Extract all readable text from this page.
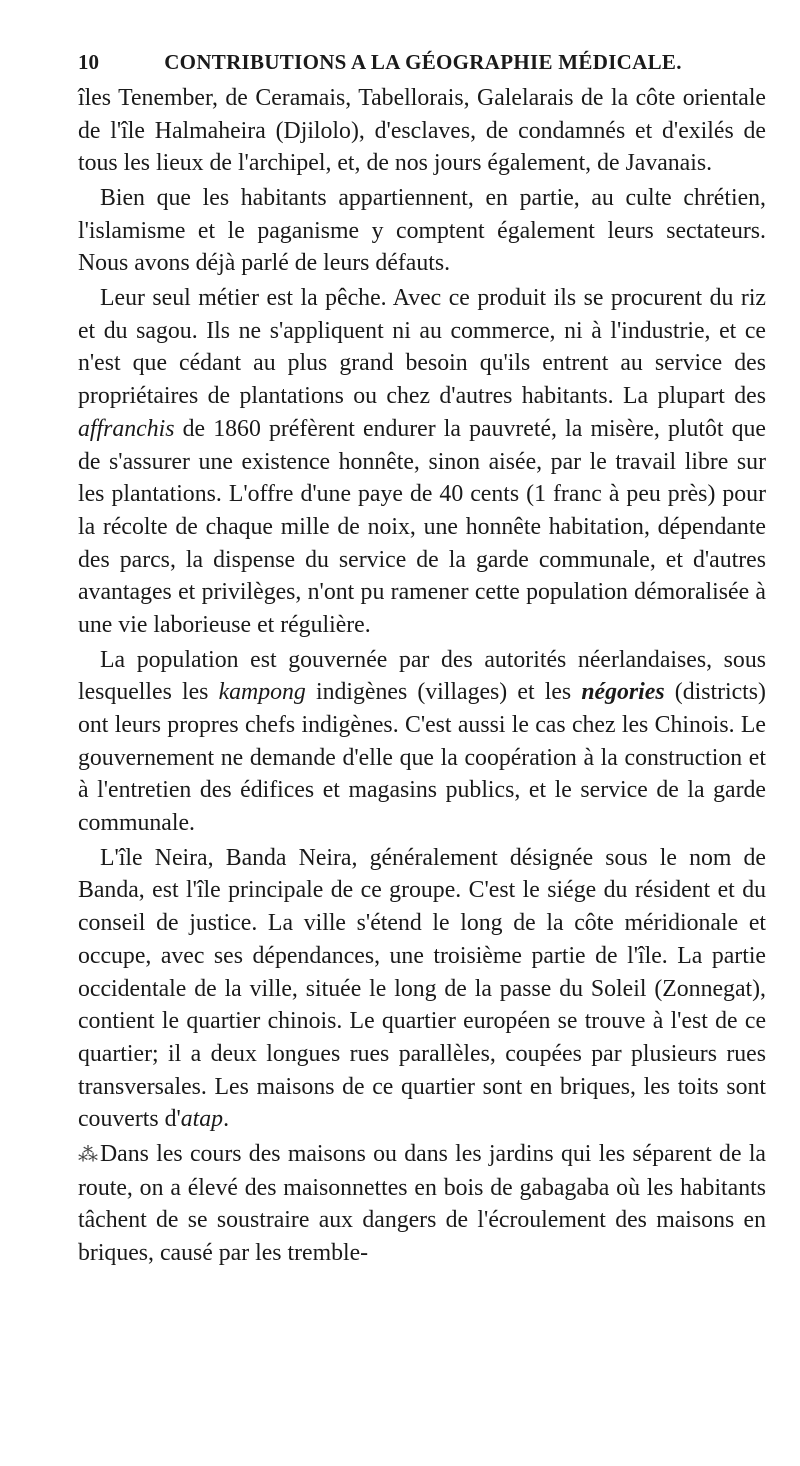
10	CONTRIBUTIONS A LA GÉOGRAPHIE MÉDICALE.

îles Tenember, de Ceramais, Tabellorais, Galelarais de la côte orientale de l'île Halmaheira (Djilolo), d'esclaves, de condamnés et d'exilés de tous les lieux de l'archipel, et, de nos jours également, de Javanais.

Bien que les habitants appartiennent, en partie, au culte chrétien, l'islamisme et le paganisme y comptent également leurs sectateurs. Nous avons déjà parlé de leurs défauts.

Leur seul métier est la pêche. Avec ce produit ils se procurent du riz et du sagou. Ils ne s'appliquent ni au commerce, ni à l'industrie, et ce n'est que cédant au plus grand besoin qu'ils entrent au service des propriétaires de plantations ou chez d'autres habitants. La plupart des affranchis de 1860 préfèrent endurer la pauvreté, la misère, plutôt que de s'assurer une existence honnête, sinon aisée, par le travail libre sur les plantations. L'offre d'une paye de 40 cents (1 franc à peu près) pour la récolte de chaque mille de noix, une honnête habitation, dépendante des parcs, la dispense du service de la garde communale, et d'autres avantages et privilèges, n'ont pu ramener cette population démoralisée à une vie laborieuse et régulière.

La population est gouvernée par des autorités néerlandaises, sous lesquelles les kampong indigènes (villages) et les négories (districts) ont leurs propres chefs indigènes. C'est aussi le cas chez les Chinois. Le gouvernement ne demande d'elle que la coopération à la construction et à l'entretien des édifices et magasins publics, et le service de la garde communale.

L'île Neira, Banda Neira, généralement désignée sous le nom de Banda, est l'île principale de ce groupe. C'est le siége du résident et du conseil de justice. La ville s'étend le long de la côte méridionale et occupe, avec ses dépendances, une troisième partie de l'île. La partie occidentale de la ville, située le long de la passe du Soleil (Zonnegat), contient le quartier chinois. Le quartier européen se trouve à l'est de ce quartier; il a deux longues rues parallèles, coupées par plusieurs rues transversales. Les maisons de ce quartier sont en briques, les toits sont couverts d'atap.

⁂Dans les cours des maisons ou dans les jardins qui les séparent de la route, on a élevé des maisonnettes en bois de gabagaba où les habitants tâchent de se soustraire aux dangers de l'écroulement des maisons en briques, causé par les tremble-
